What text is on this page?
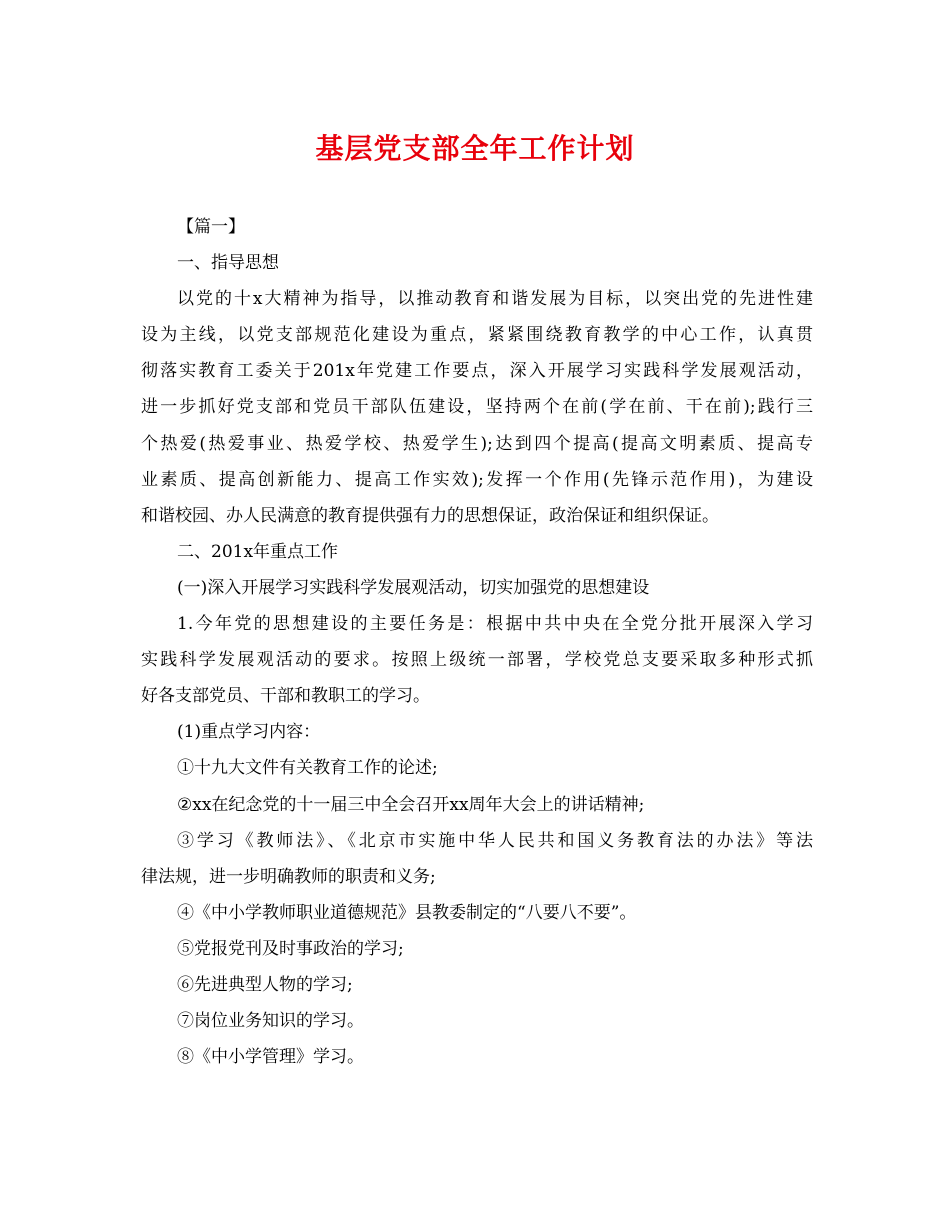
基层党支部全年工作计划
【篇一】
一、指导思想
以党的十x大精神为指导，以推动教育和谐发展为目标，以突出党的先进性建
设为主线，以党支部规范化建设为重点，紧紧围绕教育教学的中心工作，认真贯
彻落实教育工委关于201x年党建工作要点，深入开展学习实践科学发展观活动，
进一步抓好党支部和党员干部队伍建设，坚持两个在前(学在前、干在前);践行三
个热爱(热爱事业、热爱学校、热爱学生);达到四个提高(提高文明素质、提高专
业素质、提高创新能力、提高工作实效);发挥一个作用(先锋示范作用)，为建设
和谐校园、办人民满意的教育提供强有力的思想保证，政治保证和组织保证。
二、201x年重点工作
(一)深入开展学习实践科学发展观活动，切实加强党的思想建设
1.今年党的思想建设的主要任务是：根据中共中央在全党分批开展深入学习
实践科学发展观活动的要求。按照上级统一部署，学校党总支要采取多种形式抓
好各支部党员、干部和教职工的学习。
(1)重点学习内容：
①十九大文件有关教育工作的论述;
②xx在纪念党的十一届三中全会召开xx周年大会上的讲话精神;
③学习《教师法》、《北京市实施中华人民共和国义务教育法的办法》等法
律法规，进一步明确教师的职责和义务;
④《中小学教师职业道德规范》县教委制定的“八要八不要”。
⑤党报党刊及时事政治的学习;
⑥先进典型人物的学习;
⑦岗位业务知识的学习。
⑧《中小学管理》学习。
